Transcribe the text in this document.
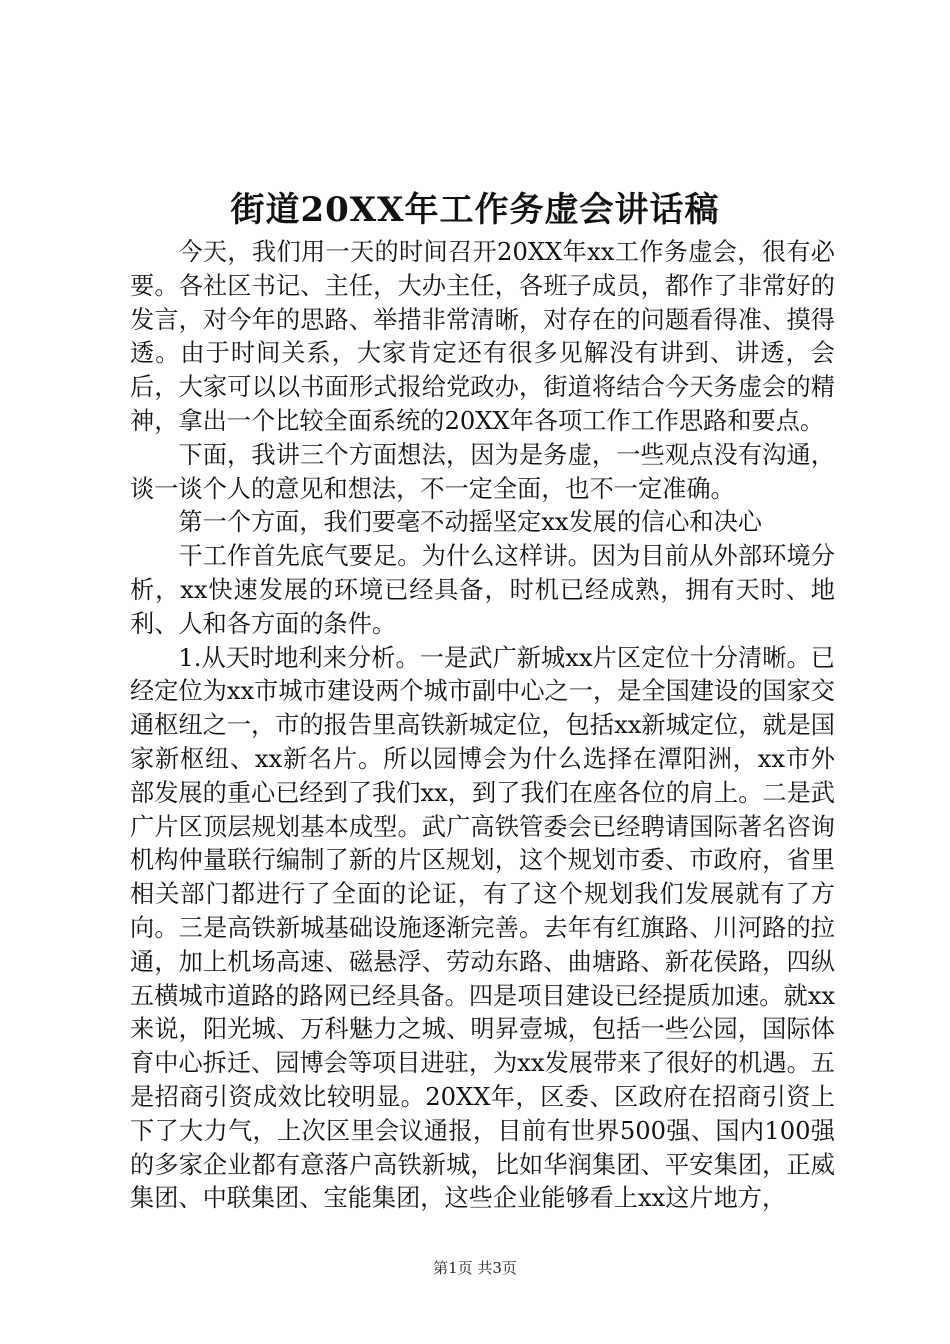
街道20XX年工作务虚会讲话稿

今天，我们用一天的时间召开20XX年xx工作务虚会，很有必要。各社区书记、主任，大办主任，各班子成员，都作了非常好的发言，对今年的思路、举措非常清晰，对存在的问题看得准、摸得透。由于时间关系，大家肯定还有很多见解没有讲到、讲透，会后，大家可以以书面形式报给党政办，街道将结合今天务虚会的精神，拿出一个比较全面系统的20XX年各项工作工作思路和要点。

下面，我讲三个方面想法，因为是务虚，一些观点没有沟通，谈一谈个人的意见和想法，不一定全面，也不一定准确。

第一个方面，我们要毫不动摇坚定xx发展的信心和决心

干工作首先底气要足。为什么这样讲。因为目前从外部环境分析，xx快速发展的环境已经具备，时机已经成熟，拥有天时、地利、人和各方面的条件。

1.从天时地利来分析。一是武广新城xx片区定位十分清晰。已经定位为xx市城市建设两个城市副中心之一，是全国建设的国家交通枢纽之一，市的报告里高铁新城定位，包括xx新城定位，就是国家新枢纽、xx新名片。所以园博会为什么选择在潭阳洲，xx市外部发展的重心已经到了我们xx，到了我们在座各位的肩上。二是武广片区顶层规划基本成型。武广高铁管委会已经聘请国际著名咨询机构仲量联行编制了新的片区规划，这个规划市委、市政府，省里相关部门都进行了全面的论证，有了这个规划我们发展就有了方向。三是高铁新城基础设施逐渐完善。去年有红旗路、川河路的拉通，加上机场高速、磁悬浮、劳动东路、曲塘路、新花侯路，四纵五横城市道路的路网已经具备。四是项目建设已经提质加速。就xx来说，阳光城、万科魅力之城、明昇壹城，包括一些公园，国际体育中心拆迁、园博会等项目进驻，为xx发展带来了很好的机遇。五是招商引资成效比较明显。20XX年，区委、区政府在招商引资上下了大力气，上次区里会议通报，目前有世界500强、国内100强的多家企业都有意落户高铁新城，比如华润集团、平安集团，正威集团、中联集团、宝能集团，这些企业能够看上xx这片地方，

第1页 共3页
